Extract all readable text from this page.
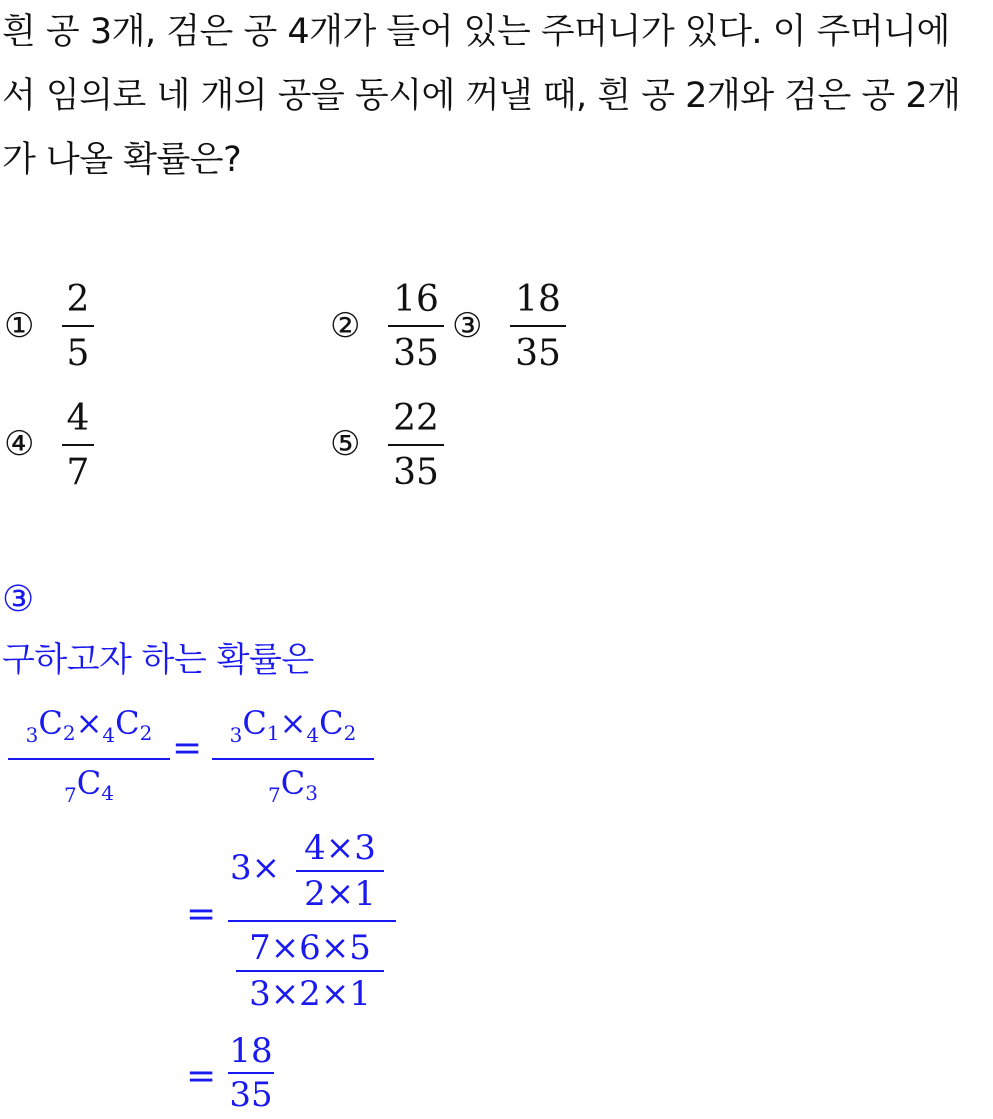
흰 공 3개, 검은 공 4개가 들어 있는 주머니가 있다. 이 주머니에
서 임의로 네 개의 공을 동시에 꺼낼 때, 흰 공 2개와 검은 공 2개
가 나올 확률은?
①
2
5
②
16
35
③
18
35
④
4
7
⑤
22
35
③
구하고자 하는 확률은
$_3C_2\times_4C_2$
$_7C_4$
=	$_3C_1\times_4C_2$
$_7C_3$
=
3× 4×3
2×1
7×6×5
3×2×1
=
18
35
